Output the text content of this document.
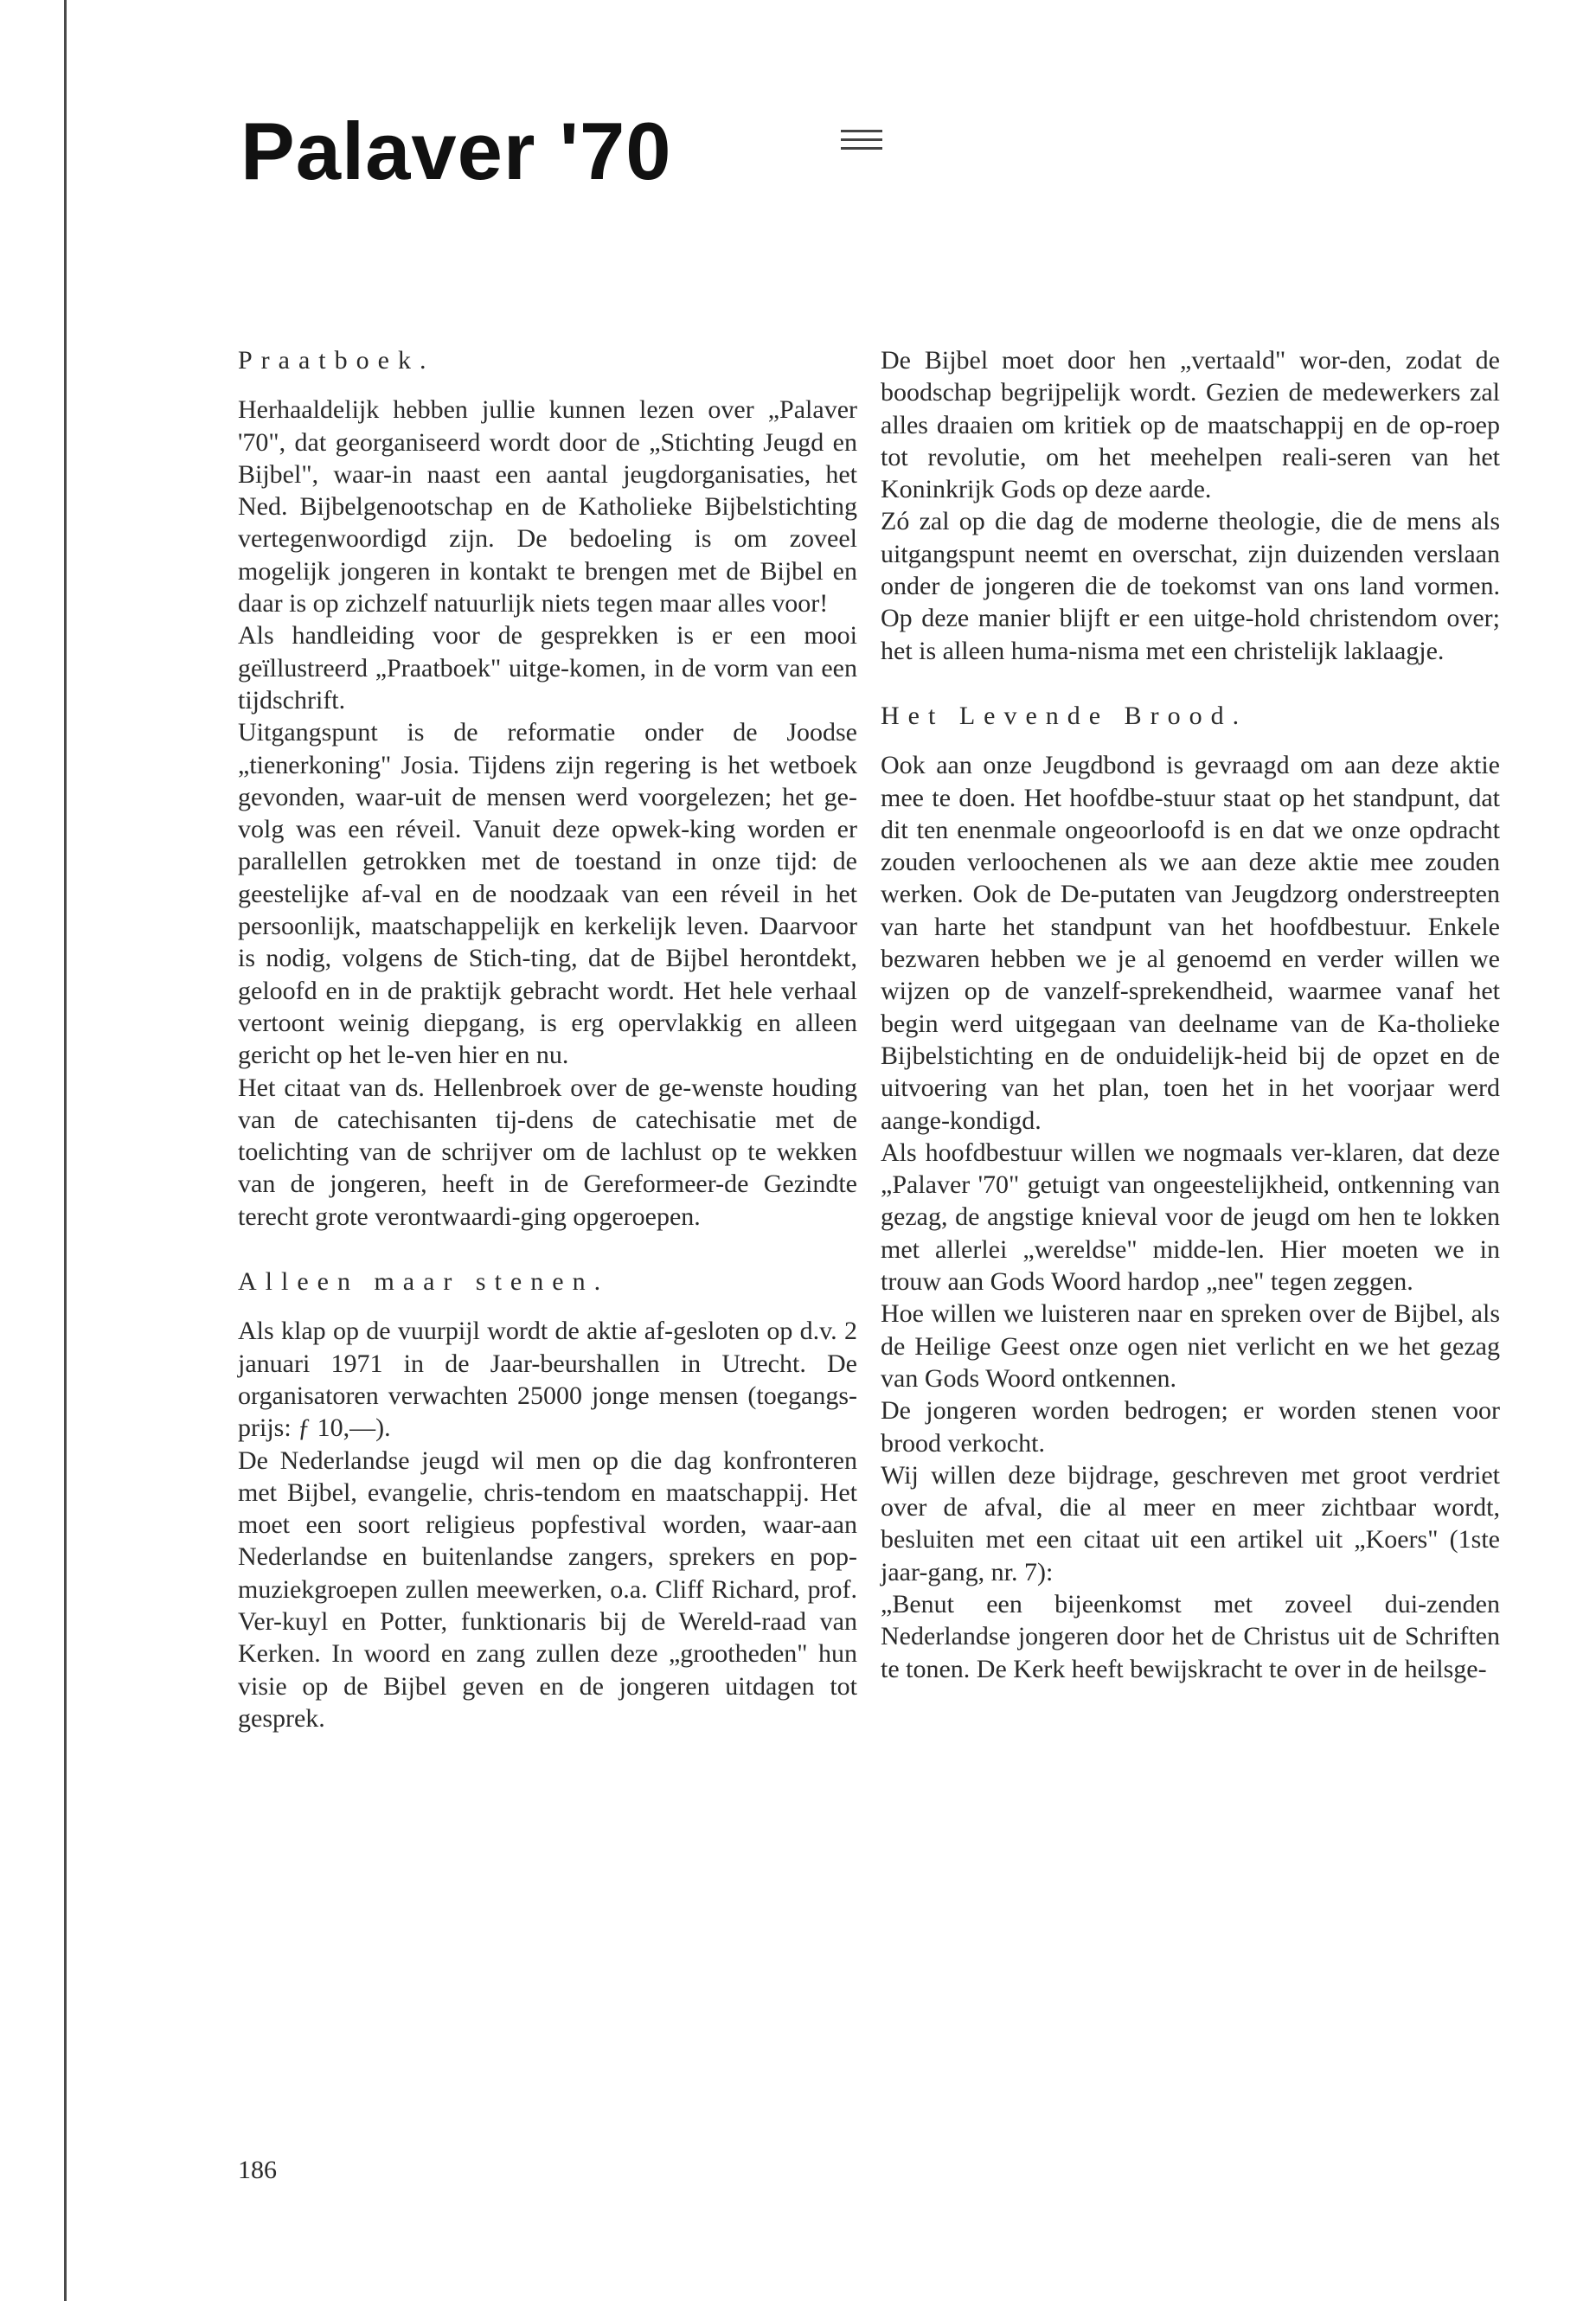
Palaver '70

Praatboek.

Herhaaldelijk hebben jullie kunnen lezen over „Palaver '70", dat georganiseerd wordt door de „Stichting Jeugd en Bijbel", waar-in naast een aantal jeugdorganisaties, het Ned. Bijbelgenootschap en de Katholieke Bijbelstichting vertegenwoordigd zijn. De bedoeling is om zoveel mogelijk jongeren in kontakt te brengen met de Bijbel en daar is op zichzelf natuurlijk niets tegen maar alles voor!

Als handleiding voor de gesprekken is er een mooi geïllustreerd „Praatboek" uitge-komen, in de vorm van een tijdschrift.

Uitgangspunt is de reformatie onder de Joodse „tienerkoning" Josia. Tijdens zijn regering is het wetboek gevonden, waar-uit de mensen werd voorgelezen; het ge-volg was een réveil. Vanuit deze opwek-king worden er parallellen getrokken met de toestand in onze tijd: de geestelijke af-val en de noodzaak van een réveil in het persoonlijk, maatschappelijk en kerkelijk leven. Daarvoor is nodig, volgens de Stich-ting, dat de Bijbel herontdekt, geloofd en in de praktijk gebracht wordt. Het hele verhaal vertoont weinig diepgang, is erg opervlakkig en alleen gericht op het le-ven hier en nu.

Het citaat van ds. Hellenbroek over de ge-wenste houding van de catechisanten tij-dens de catechisatie met de toelichting van de schrijver om de lachlust op te wekken van de jongeren, heeft in de Gereformeer-de Gezindte terecht grote verontwaardi-ging opgeroepen.

Alleen maar stenen.

Als klap op de vuurpijl wordt de aktie af-gesloten op d.v. 2 januari 1971 in de Jaar-beurshallen in Utrecht. De organisatoren verwachten 25000 jonge mensen (toegangs-prijs: ƒ 10,—).

De Nederlandse jeugd wil men op die dag konfronteren met Bijbel, evangelie, chris-tendom en maatschappij. Het moet een soort religieus popfestival worden, waar-aan Nederlandse en buitenlandse zangers, sprekers en pop-muziekgroepen zullen meewerken, o.a. Cliff Richard, prof. Ver-kuyl en Potter, funktionaris bij de Wereld-raad van Kerken. In woord en zang zullen deze „grootheden" hun visie op de Bijbel geven en de jongeren uitdagen tot gesprek.

De Bijbel moet door hen „vertaald" wor-den, zodat de boodschap begrijpelijk wordt. Gezien de medewerkers zal alles draaien om kritiek op de maatschappij en de op-roep tot revolutie, om het meehelpen reali-seren van het Koninkrijk Gods op deze aarde.

Zó zal op die dag de moderne theologie, die de mens als uitgangspunt neemt en overschat, zijn duizenden verslaan onder de jongeren die de toekomst van ons land vormen. Op deze manier blijft er een uitge-hold christendom over; het is alleen huma-nisma met een christelijk laklaagje.

Het Levende Brood.

Ook aan onze Jeugdbond is gevraagd om aan deze aktie mee te doen. Het hoofdbe-stuur staat op het standpunt, dat dit ten enenmale ongeoorloofd is en dat we onze opdracht zouden verloochenen als we aan deze aktie mee zouden werken. Ook de De-putaten van Jeugdzorg onderstreepten van harte het standpunt van het hoofdbestuur. Enkele bezwaren hebben we je al genoemd en verder willen we wijzen op de vanzelf-sprekendheid, waarmee vanaf het begin werd uitgegaan van deelname van de Ka-tholieke Bijbelstichting en de onduidelijk-heid bij de opzet en de uitvoering van het plan, toen het in het voorjaar werd aange-kondigd.

Als hoofdbestuur willen we nogmaals ver-klaren, dat deze „Palaver '70" getuigt van ongeestelijkheid, ontkenning van gezag, de angstige knieval voor de jeugd om hen te lokken met allerlei „wereldse" midde-len. Hier moeten we in trouw aan Gods Woord hardop „nee" tegen zeggen.

Hoe willen we luisteren naar en spreken over de Bijbel, als de Heilige Geest onze ogen niet verlicht en we het gezag van Gods Woord ontkennen.

De jongeren worden bedrogen; er worden stenen voor brood verkocht.

Wij willen deze bijdrage, geschreven met groot verdriet over de afval, die al meer en meer zichtbaar wordt, besluiten met een citaat uit een artikel uit „Koers" (1ste jaar-gang, nr. 7):

„Benut een bijeenkomst met zoveel dui-zenden Nederlandse jongeren door het de Christus uit de Schriften te tonen. De Kerk heeft bewijskracht te over in de heilsge-

186
